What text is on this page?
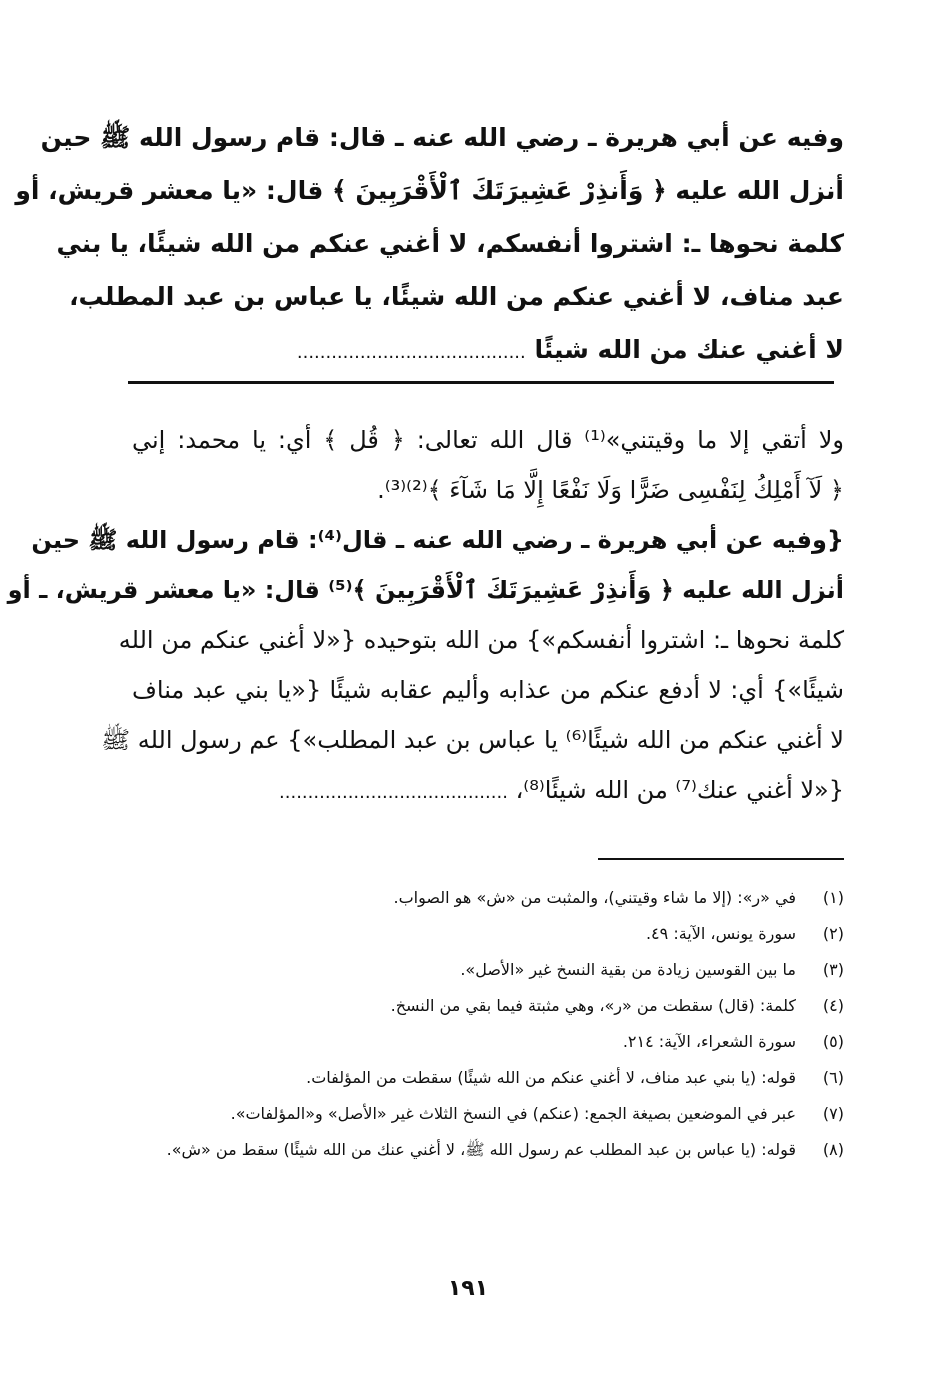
وفيه عن أبي هريرة ـ رضي الله عنه ـ قال: قام رسول الله ﷺ حين
أنزل الله عليه ﴿ وَأَنذِرْ عَشِيرَتَكَ ٱلْأَقْرَبِينَ ﴾ قال: «يا معشر قريش، أو
كلمة نحوها ـ: اشتروا أنفسكم، لا أغني عنكم من الله شيئًا، يا بني
عبد مناف، لا أغني عنكم من الله شيئًا، يا عباس بن عبد المطلب،
لا أغني عنك من الله شيئًا ........................................
ولا أتقي إلا ما وقيتني»⁽¹⁾ قال الله تعالى: ﴿ قُل ﴾ أي: يا محمد: إني
﴿ لَآ أَمْلِكُ لِنَفْسِى ضَرًّا وَلَا نَفْعًا إِلَّا مَا شَآءَ ﴾⁽²⁾⁽³⁾.
{وفيه عن أبي هريرة ـ رضي الله عنه ـ قال⁽⁴⁾: قام رسول الله ﷺ حين
أنزل الله عليه ﴿ وَأَنذِرْ عَشِيرَتَكَ ٱلْأَقْرَبِينَ ﴾⁽⁵⁾ قال: «يا معشر قريش، ـ أو
كلمة نحوها ـ: اشتروا أنفسكم»} من الله بتوحيده {«لا أغني عنكم من الله
شيئًا»} أي: لا أدفع عنكم من عذابه وأليم عقابه شيئًا {«يا بني عبد مناف
لا أغني عنكم من الله شيئًا⁽⁶⁾ يا عباس بن عبد المطلب»} عم رسول الله ﷺ
{«لا أغني عنك⁽⁷⁾ من الله شيئًا⁽⁸⁾، ........................................
(١)
في «ر»: (إلا ما شاء وقيتني)، والمثبت من «ش» هو الصواب.
(٢)
سورة يونس، الآية: ٤٩.
(٣)
ما بين القوسين زيادة من بقية النسخ غير «الأصل».
(٤)
كلمة: (قال) سقطت من «ر»، وهي مثبتة فيما بقي من النسخ.
(٥)
سورة الشعراء، الآية: ٢١٤.
(٦)
قوله: (يا بني عبد مناف، لا أغني عنكم من الله شيئًا) سقطت من المؤلفات.
(٧)
عبر في الموضعين بصيغة الجمع: (عنكم) في النسخ الثلاث غير «الأصل» و«المؤلفات».
(٨)
قوله: (يا عباس بن عبد المطلب عم رسول الله ﷺ، لا أغني عنك من الله شيئًا) سقط من «ش».
١٩١
